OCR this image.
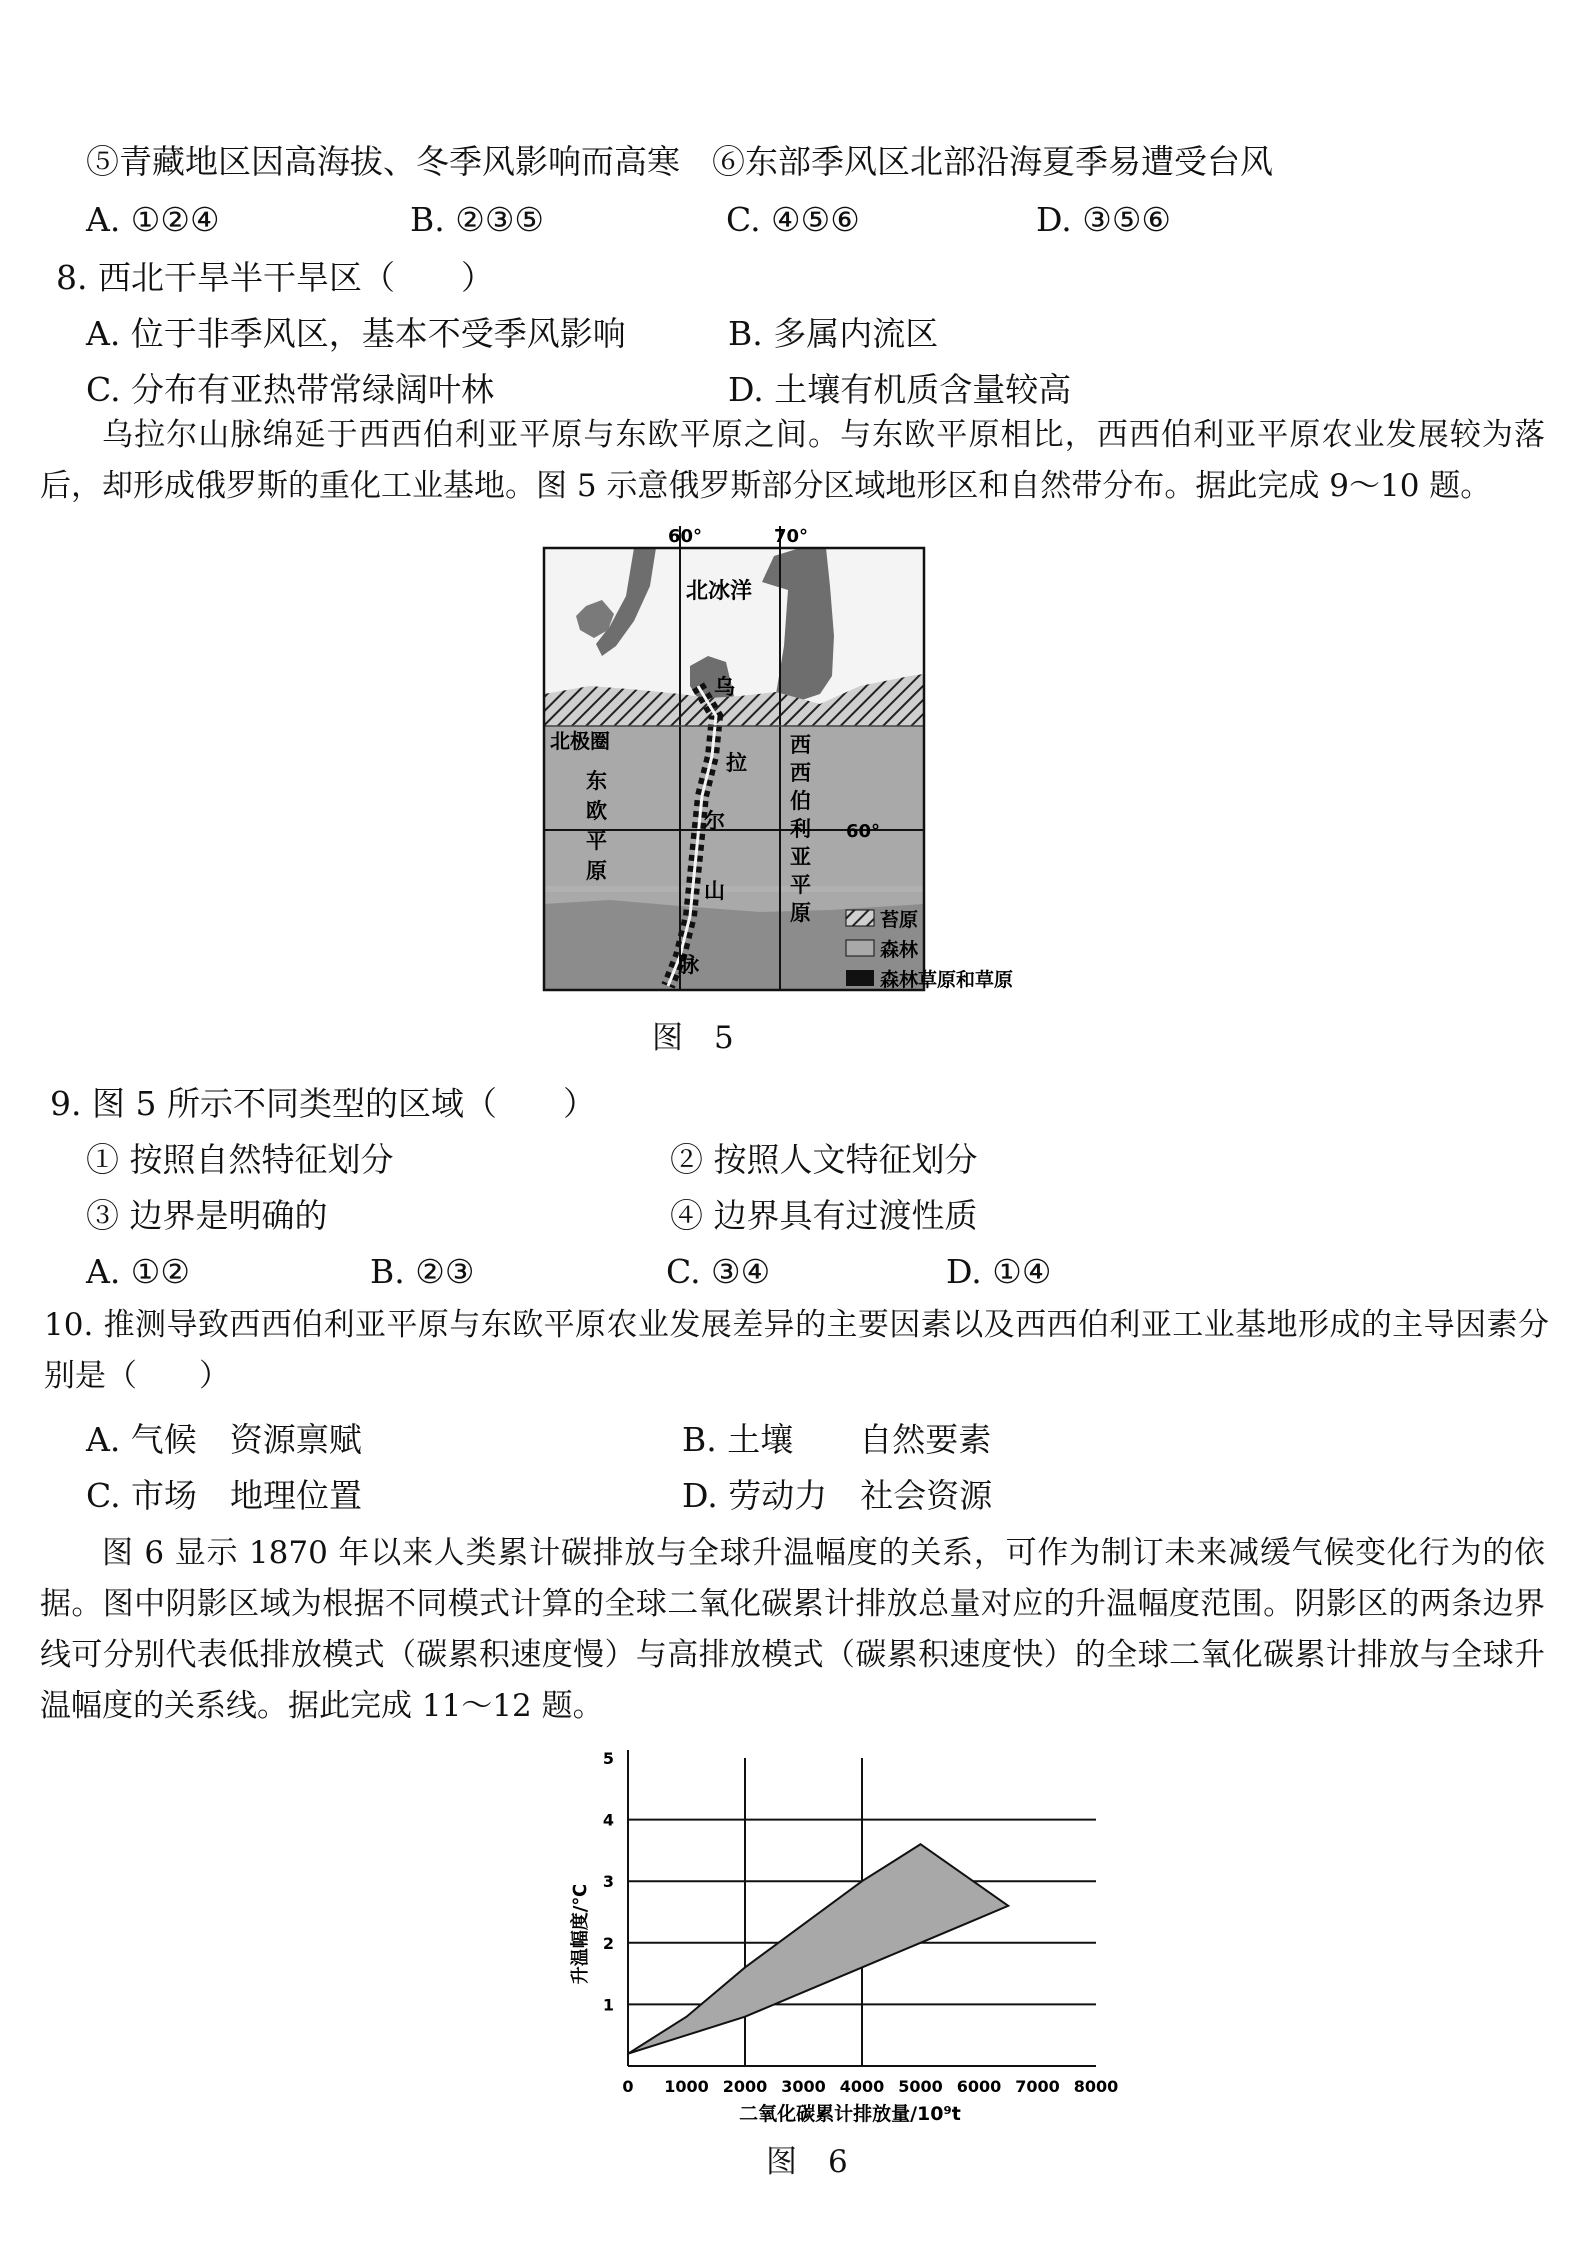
⑤青藏地区因高海拔、冬季风影响而高寒 ⑥东部季风区北部沿海夏季易遭受台风
A. ①②④	B. ②③⑤	C. ④⑤⑥	D. ③⑤⑥
8. 西北干旱半干旱区（　　）
A. 位于非季风区，基本不受季风影响	B. 多属内流区
C. 分布有亚热带常绿阔叶林	D. 土壤有机质含量较高
乌拉尔山脉绵延于西西伯利亚平原与东欧平原之间。与东欧平原相比，西西伯利亚平原农业发展较为落后，却形成俄罗斯的重化工业基地。图 5 示意俄罗斯部分区域地形区和自然带分布。据此完成 9～10 题。
60°	70°
60°
北冰洋
北极圈
东
欧
平
原
西
西
伯
利
亚
平
原
乌
拉
尔
山
脉
苔原
森林
森林草原和草原
图　5
9. 图 5 所示不同类型的区域（　　）
① 按照自然特征划分	② 按照人文特征划分
③ 边界是明确的	④ 边界具有过渡性质
A. ①②	B. ②③	C. ③④	D. ①④
10. 推测导致西西伯利亚平原与东欧平原农业发展差异的主要因素以及西西伯利亚工业基地形成的主导因素分别是（　　）
A. 气候　资源禀赋	B. 土壤　　自然要素
C. 市场　地理位置	D. 劳动力　社会资源
图 6 显示 1870 年以来人类累计碳排放与全球升温幅度的关系，可作为制订未来减缓气候变化行为的依据。图中阴影区域为根据不同模式计算的全球二氧化碳累计排放总量对应的升温幅度范围。阴影区的两条边界线可分别代表低排放模式（碳累积速度慢）与高排放模式（碳累积速度快）的全球二氧化碳累计排放与全球升温幅度的关系线。据此完成 11～12 题。
1
2
3
4
5
0 1000 2000 3000 4000 5000 6000 7000 8000
升温幅度/℃
二氧化碳累计排放量/10⁹t
图　6
